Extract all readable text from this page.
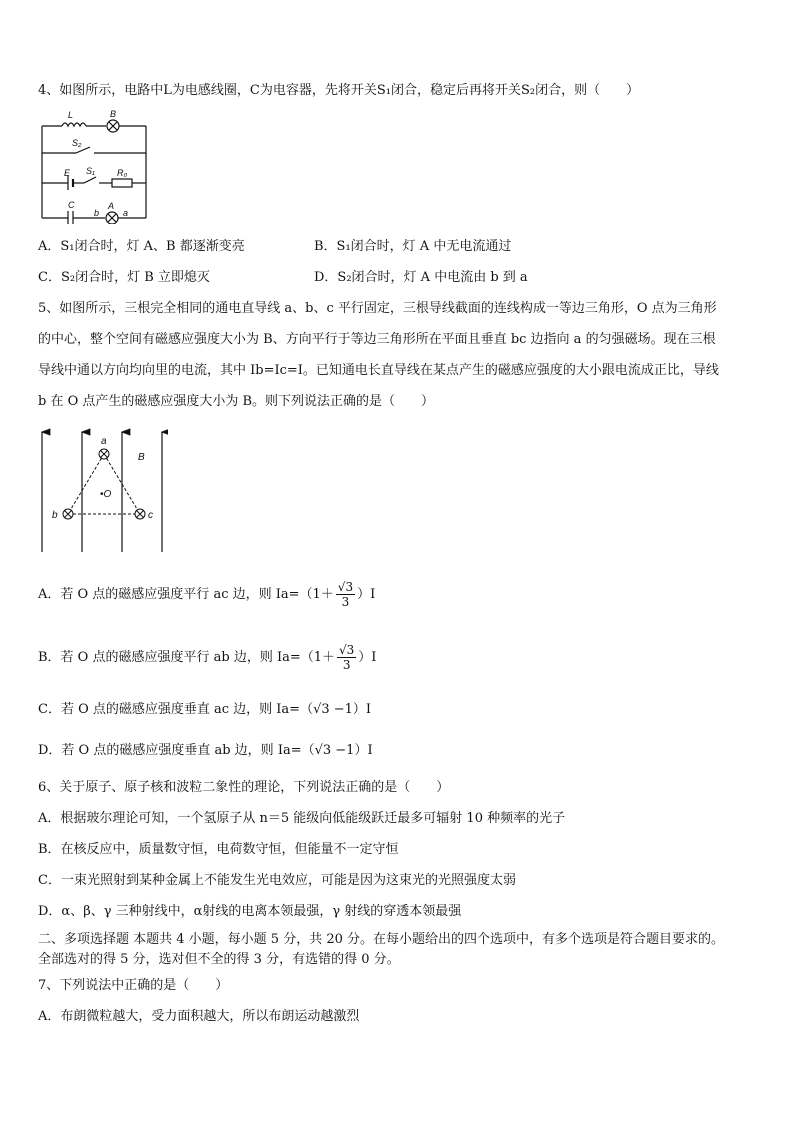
4、如图所示，电路中L为电感线圈，C为电容器，先将开关S₁闭合，稳定后再将开关S₂闭合，则（　　）
L	B
S₂
E S₁ R₀
C
b
A
a
A．S₁闭合时，灯 A、B 都逐渐变亮	B．S₁闭合时，灯 A 中无电流通过
C．S₂闭合时，灯 B 立即熄灭	D．S₂闭合时，灯 A 中电流由 b 到 a
5、如图所示，三根完全相同的通电直导线 a、b、c 平行固定，三根导线截面的连线构成一等边三角形，O 点为三角形
的中心，整个空间有磁感应强度大小为 B、方向平行于等边三角形所在平面且垂直 bc 边指向 a 的匀强磁场。现在三根
导线中通以方向均向里的电流，其中 Ib=Ic=I。已知通电长直导线在某点产生的磁感应强度的大小跟电流成正比，导线
b 在 O 点产生的磁感应强度大小为 B。则下列说法正确的是（　　）
a
b	c
•O
B
A．若 O 点的磁感应强度平行 ac 边，则 $Ia=(1+ \frac{√3}{3} )I$
B．若 O 点的磁感应强度平行 ab 边，则 $Ia=(1+ \frac{√3}{3} )I$
C．若 O 点的磁感应强度垂直 ac 边，则 Ia=（√3 −1）I
D．若 O 点的磁感应强度垂直 ab 边，则 Ia=（√3 −1）I
6、关于原子、原子核和波粒二象性的理论，下列说法正确的是（　　）
A．根据玻尔理论可知，一个氢原子从 n＝5 能级向低能级跃迁最多可辐射 10 种频率的光子
B．在核反应中，质量数守恒，电荷数守恒，但能量不一定守恒
C．一束光照射到某种金属上不能发生光电效应，可能是因为这束光的光照强度太弱
D．α、β、γ 三种射线中，α射线的电离本领最强，γ 射线的穿透本领最强
二、多项选择题 本题共 4 小题，每小题 5 分，共 20 分。在每小题给出的四个选项中，有多个选项是符合题目要求的。
全部选对的得 5 分，选对但不全的得 3 分，有选错的得 0 分。
7、下列说法中正确的是（　　）
A．布朗微粒越大，受力面积越大，所以布朗运动越激烈
